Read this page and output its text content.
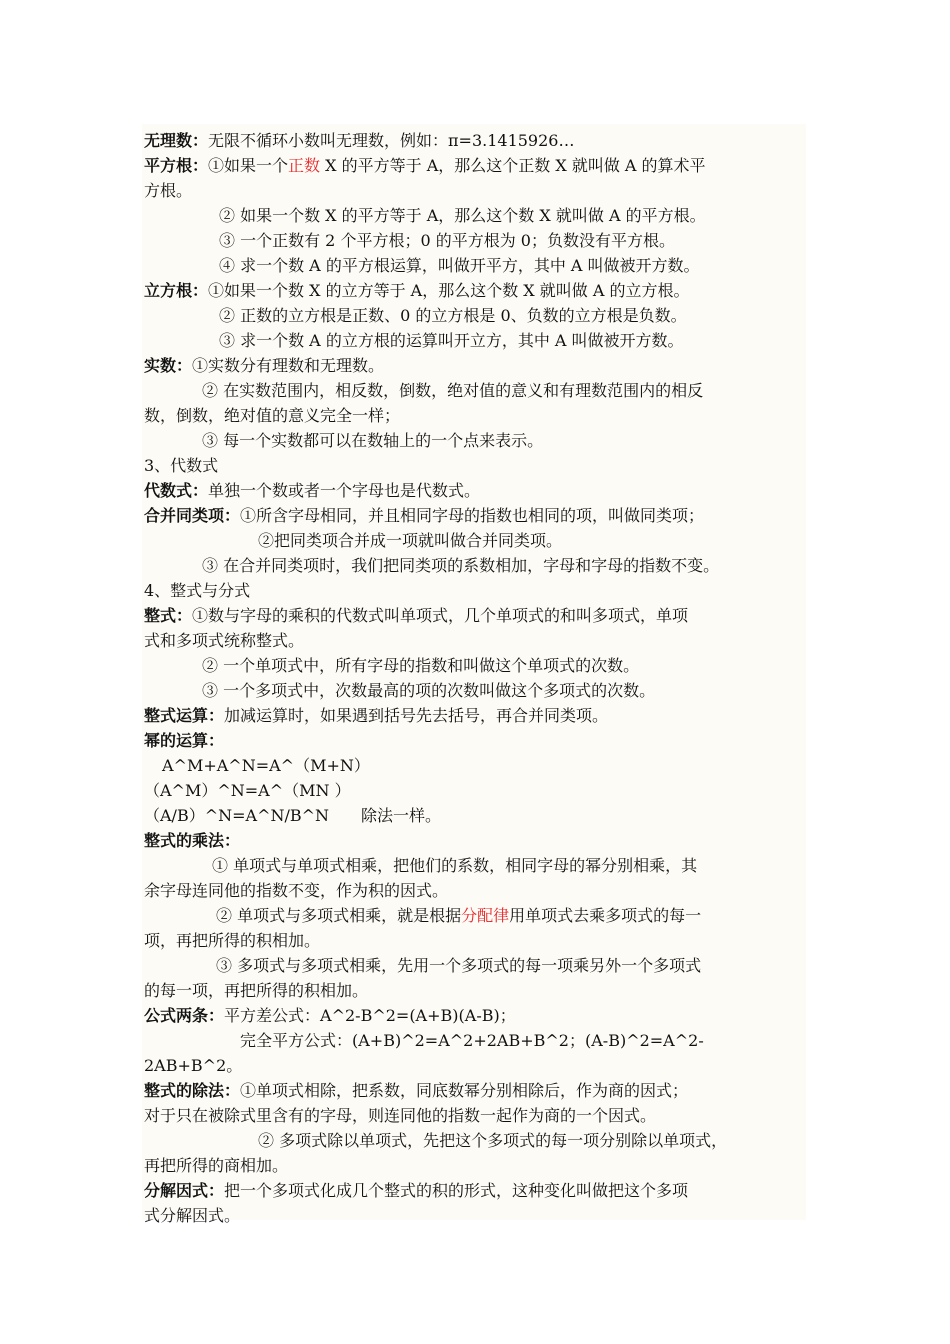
无理数：无限不循环小数叫无理数，例如：π=3.1415926…
平方根：①如果一个正数 X 的平方等于 A，那么这个正数 X 就叫做 A 的算术平
方根。
② 如果一个数 X 的平方等于 A，那么这个数 X 就叫做 A 的平方根。
③ 一个正数有 2 个平方根；0 的平方根为 0；负数没有平方根。
④ 求一个数 A 的平方根运算，叫做开平方，其中 A 叫做被开方数。
立方根：①如果一个数 X 的立方等于 A，那么这个数 X 就叫做 A 的立方根。
② 正数的立方根是正数、0 的立方根是 0、负数的立方根是负数。
③ 求一个数 A 的立方根的运算叫开立方，其中 A 叫做被开方数。
实数：①实数分有理数和无理数。
② 在实数范围内，相反数，倒数，绝对值的意义和有理数范围内的相反
数，倒数，绝对值的意义完全一样；
③ 每一个实数都可以在数轴上的一个点来表示。
3、代数式
代数式：单独一个数或者一个字母也是代数式。
合并同类项：①所含字母相同，并且相同字母的指数也相同的项，叫做同类项；
②把同类项合并成一项就叫做合并同类项。
③ 在合并同类项时，我们把同类项的系数相加，字母和字母的指数不变。
4、整式与分式
整式：①数与字母的乘积的代数式叫单项式，几个单项式的和叫多项式，单项
式和多项式统称整式。
② 一个单项式中，所有字母的指数和叫做这个单项式的次数。
③ 一个多项式中，次数最高的项的次数叫做这个多项式的次数。
整式运算：加减运算时，如果遇到括号先去括号，再合并同类项。
幂的运算：
A^M+A^N=A^（M+N）
（A^M）^N=A^（MN ）
（A/B）^N=A^N/B^N　　除法一样。
整式的乘法：
① 单项式与单项式相乘，把他们的系数，相同字母的幂分别相乘，其
余字母连同他的指数不变，作为积的因式。
② 单项式与多项式相乘，就是根据分配律用单项式去乘多项式的每一
项，再把所得的积相加。
③ 多项式与多项式相乘，先用一个多项式的每一项乘另外一个多项式
的每一项，再把所得的积相加。
公式两条：平方差公式：A^2-B^2=(A+B)(A-B)；
完全平方公式：(A+B)^2=A^2+2AB+B^2；(A-B)^2=A^2-
2AB+B^2。
整式的除法：①单项式相除，把系数，同底数幂分别相除后，作为商的因式；
对于只在被除式里含有的字母，则连同他的指数一起作为商的一个因式。
② 多项式除以单项式，先把这个多项式的每一项分别除以单项式，
再把所得的商相加。
分解因式：把一个多项式化成几个整式的积的形式，这种变化叫做把这个多项
式分解因式。
